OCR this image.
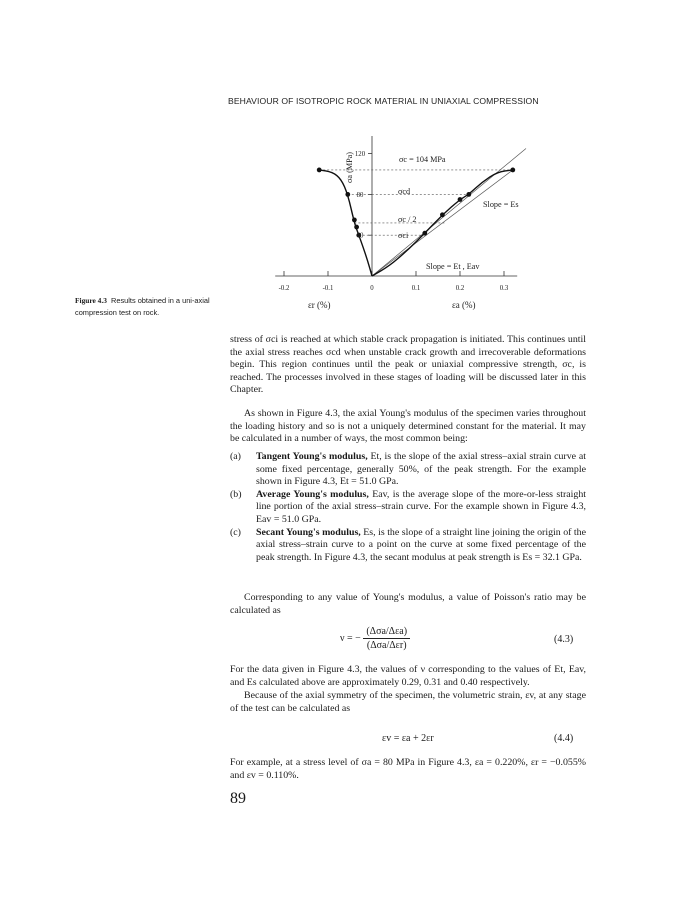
BEHAVIOUR OF ISOTROPIC ROCK MATERIAL IN UNIAXIAL COMPRESSION
40
80
120
-0.2	-0.1	0	0.1	0.2	0.3
σc = 104 MPa
σcd
σc / 2
σci
Slope = Es
Slope = Et , Eav
σa (MPa)
εr (%)	εa (%)
Figure 4.3 Results obtained in a uni-axial compression test on rock.

stress of σci is reached at which stable crack propagation is initiated. This continues until the axial stress reaches σcd when unstable crack growth and irrecoverable deformations begin. This region continues until the peak or uniaxial compressive strength, σc, is reached. The processes involved in these stages of loading will be discussed later in this Chapter.

As shown in Figure 4.3, the axial Young's modulus of the specimen varies throughout the loading history and so is not a uniquely determined constant for the material. It may be calculated in a number of ways, the most common being:

(a)	Tangent Young's modulus, Et, is the slope of the axial stress–axial strain curve at some fixed percentage, generally 50%, of the peak strength. For the example shown in Figure 4.3, Et = 51.0 GPa.
(b)	Average Young's modulus, Eav, is the average slope of the more-or-less straight line portion of the axial stress–strain curve. For the example shown in Figure 4.3, Eav = 51.0 GPa.
(c)	Secant Young's modulus, Es, is the slope of a straight line joining the origin of the axial stress–strain curve to a point on the curve at some fixed percentage of the peak strength. In Figure 4.3, the secant modulus at peak strength is Es = 32.1 GPa.

Corresponding to any value of Young's modulus, a value of Poisson's ratio may be calculated as

ν = − $\frac{\text{(Δσa/Δεa)}}{\text{(Δσa/Δεr)}}$	(4.3)

For the data given in Figure 4.3, the values of ν corresponding to the values of Et, Eav, and Es calculated above are approximately 0.29, 0.31 and 0.40 respectively.

Because of the axial symmetry of the specimen, the volumetric strain, εv, at any stage of the test can be calculated as

εv = εa + 2εr	(4.4)

For example, at a stress level of σa = 80 MPa in Figure 4.3, εa = 0.220%, εr = −0.055% and εv = 0.110%.

89
